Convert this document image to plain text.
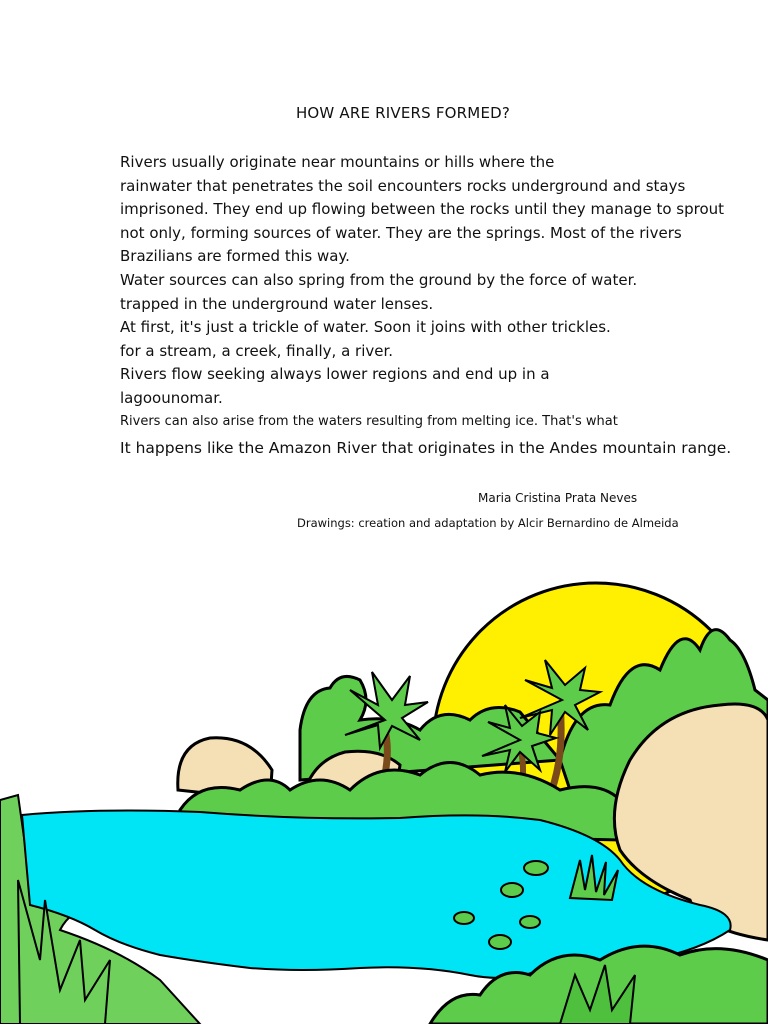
HOW ARE RIVERS FORMED?
Rivers usually originate near mountains or hills where the
rainwater that penetrates the soil encounters rocks underground and stays
imprisoned. They end up flowing between the rocks until they manage to sprout
not only, forming sources of water. They are the springs. Most of the rivers
Brazilians are formed this way.
Water sources can also spring from the ground by the force of water.
trapped in the underground water lenses.
At first, it's just a trickle of water. Soon it joins with other trickles.
for a stream, a creek, finally, a river.
Rivers flow seeking always lower regions and end up in a
lagoounomar.
Rivers can also arise from the waters resulting from melting ice. That's what
It happens like the Amazon River that originates in the Andes mountain range.
Maria Cristina Prata Neves
Drawings: creation and adaptation by Alcir Bernardino de Almeida
